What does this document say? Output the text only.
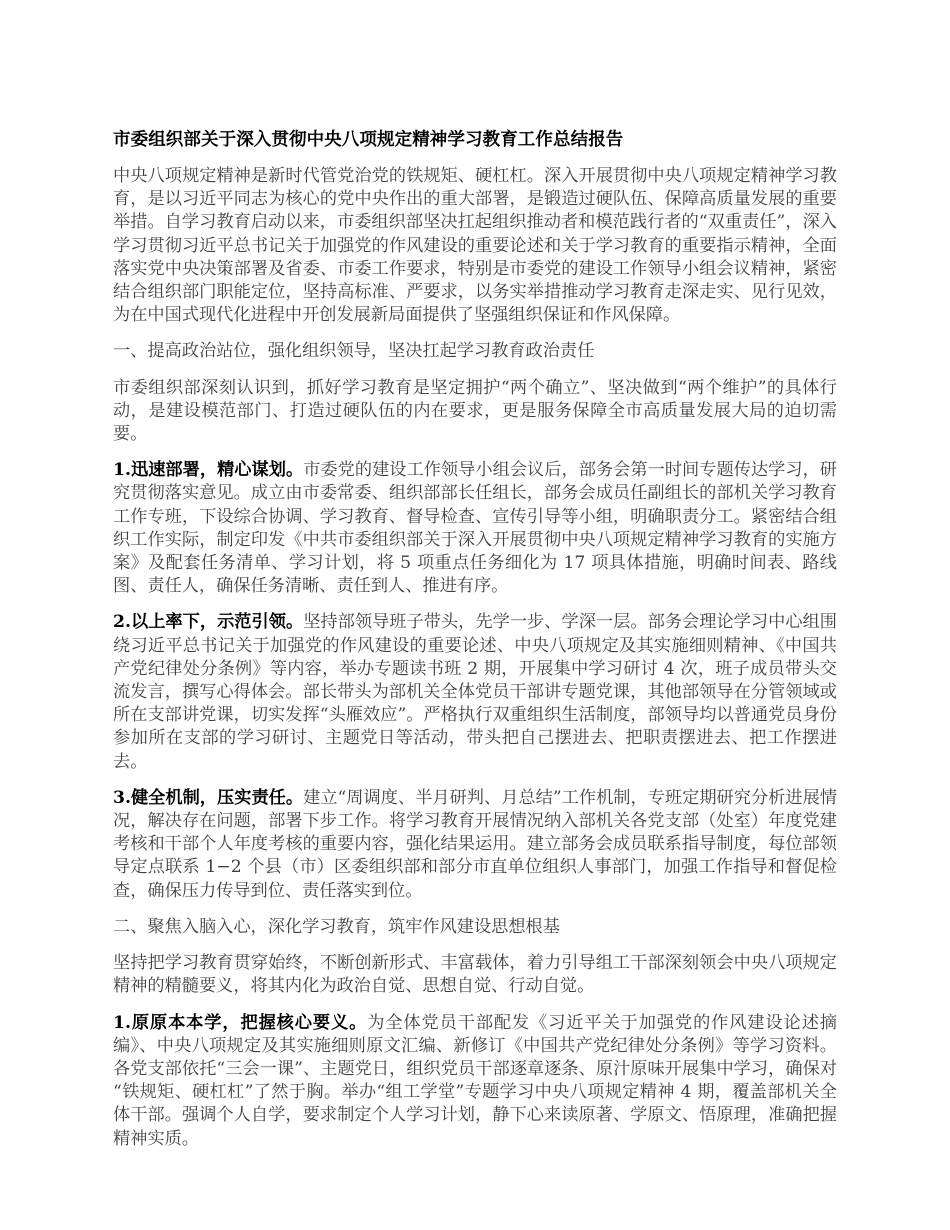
市委组织部关于深入贯彻中央八项规定精神学习教育工作总结报告

中央八项规定精神是新时代管党治党的铁规矩、硬杠杠。深入开展贯彻中央八项规定精神学习教育，是以习近平同志为核心的党中央作出的重大部署，是锻造过硬队伍、保障高质量发展的重要举措。自学习教育启动以来，市委组织部坚决扛起组织推动者和模范践行者的“双重责任”，深入学习贯彻习近平总书记关于加强党的作风建设的重要论述和关于学习教育的重要指示精神，全面落实党中央决策部署及省委、市委工作要求，特别是市委党的建设工作领导小组会议精神，紧密结合组织部门职能定位，坚持高标准、严要求，以务实举措推动学习教育走深走实、见行见效，为在中国式现代化进程中开创发展新局面提供了坚强组织保证和作风保障。

一、提高政治站位，强化组织领导，坚决扛起学习教育政治责任

市委组织部深刻认识到，抓好学习教育是坚定拥护“两个确立”、坚决做到“两个维护”的具体行动，是建设模范部门、打造过硬队伍的内在要求，更是服务保障全市高质量发展大局的迫切需要。

1.迅速部署，精心谋划。市委党的建设工作领导小组会议后，部务会第一时间专题传达学习，研究贯彻落实意见。成立由市委常委、组织部部长任组长，部务会成员任副组长的部机关学习教育工作专班，下设综合协调、学习教育、督导检查、宣传引导等小组，明确职责分工。紧密结合组织工作实际，制定印发《中共市委组织部关于深入开展贯彻中央八项规定精神学习教育的实施方案》及配套任务清单、学习计划，将 5 项重点任务细化为 17 项具体措施，明确时间表、路线图、责任人，确保任务清晰、责任到人、推进有序。

2.以上率下，示范引领。坚持部领导班子带头，先学一步、学深一层。部务会理论学习中心组围绕习近平总书记关于加强党的作风建设的重要论述、中央八项规定及其实施细则精神、《中国共产党纪律处分条例》等内容，举办专题读书班 2 期，开展集中学习研讨 4 次，班子成员带头交流发言，撰写心得体会。部长带头为部机关全体党员干部讲专题党课，其他部领导在分管领域或所在支部讲党课，切实发挥“头雁效应”。严格执行双重组织生活制度，部领导均以普通党员身份参加所在支部的学习研讨、主题党日等活动，带头把自己摆进去、把职责摆进去、把工作摆进去。

3.健全机制，压实责任。建立“周调度、半月研判、月总结”工作机制，专班定期研究分析进展情况，解决存在问题，部署下步工作。将学习教育开展情况纳入部机关各党支部（处室）年度党建考核和干部个人年度考核的重要内容，强化结果运用。建立部务会成员联系指导制度，每位部领导定点联系 1−2 个县（市）区委组织部和部分市直单位组织人事部门，加强工作指导和督促检查，确保压力传导到位、责任落实到位。

二、聚焦入脑入心，深化学习教育，筑牢作风建设思想根基

坚持把学习教育贯穿始终，不断创新形式、丰富载体，着力引导组工干部深刻领会中央八项规定精神的精髓要义，将其内化为政治自觉、思想自觉、行动自觉。

1.原原本本学，把握核心要义。为全体党员干部配发《习近平关于加强党的作风建设论述摘编》、中央八项规定及其实施细则原文汇编、新修订《中国共产党纪律处分条例》等学习资料。各党支部依托“三会一课”、主题党日，组织党员干部逐章逐条、原汁原味开展集中学习，确保对“铁规矩、硬杠杠”了然于胸。举办“组工学堂”专题学习中央八项规定精神 4 期，覆盖部机关全体干部。强调个人自学，要求制定个人学习计划，静下心来读原著、学原文、悟原理，准确把握精神实质。
